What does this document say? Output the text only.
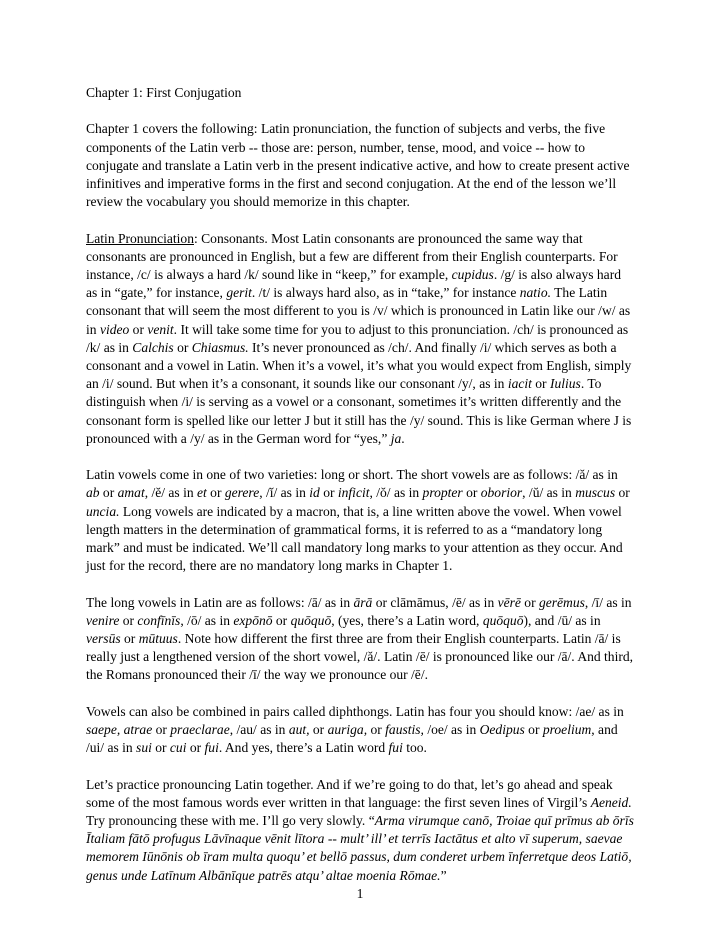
Chapter 1: First Conjugation

Chapter 1 covers the following: Latin pronunciation, the function of subjects and verbs, the five components of the Latin verb -- those are: person, number, tense, mood, and voice -- how to conjugate and translate a Latin verb in the present indicative active, and how to create present active infinitives and imperative forms in the first and second conjugation. At the end of the lesson we’ll review the vocabulary you should memorize in this chapter.

Latin Pronunciation: Consonants. Most Latin consonants are pronounced the same way that consonants are pronounced in English, but a few are different from their English counterparts. For instance, /c/ is always a hard /k/ sound like in “keep,” for example, cupidus. /g/ is also always hard as in “gate,” for instance, gerit. /t/ is always hard also, as in “take,” for instance natio. The Latin consonant that will seem the most different to you is /v/ which is pronounced in Latin like our /w/ as in video or venit. It will take some time for you to adjust to this pronunciation. /ch/ is pronounced as /k/ as in Calchis or Chiasmus. It’s never pronounced as /ch/. And finally /i/ which serves as both a consonant and a vowel in Latin. When it’s a vowel, it’s what you would expect from English, simply an /i/ sound. But when it’s a consonant, it sounds like our consonant /y/, as in iacit or Iulius. To distinguish when /i/ is serving as a vowel or a consonant, sometimes it’s written differently and the consonant form is spelled like our letter J but it still has the /y/ sound. This is like German where J is pronounced with a /y/ as in the German word for “yes,” ja.

Latin vowels come in one of two varieties: long or short. The short vowels are as follows: /ă/ as in ab or amat, /ĕ/ as in et or gerere, /ĭ/ as in id or inficit, /ŏ/ as in propter or oborior, /ŭ/ as in muscus or uncia. Long vowels are indicated by a macron, that is, a line written above the vowel. When vowel length matters in the determination of grammatical forms, it is referred to as a “mandatory long mark” and must be indicated. We’ll call mandatory long marks to your attention as they occur. And just for the record, there are no mandatory long marks in Chapter 1.

The long vowels in Latin are as follows: /ā/ as in ārā or clāmāmus, /ē/ as in vērē or gerēmus, /ī/ as in venire or confīnīs, /ō/ as in expōnō or quōquō, (yes, there’s a Latin word, quōquō), and /ū/ as in versūs or mūtuus. Note how different the first three are from their English counterparts. Latin /ā/ is really just a lengthened version of the short vowel, /ă/. Latin /ē/ is pronounced like our /ā/. And third, the Romans pronounced their /ī/ the way we pronounce our /ē/.

Vowels can also be combined in pairs called diphthongs. Latin has four you should know: /ae/ as in saepe, atrae or praeclarae, /au/ as in aut, or auriga, or faustis, /oe/ as in Oedipus or proelium, and /ui/ as in sui or cui or fui. And yes, there’s a Latin word fui too.

Let’s practice pronouncing Latin together. And if we’re going to do that, let’s go ahead and speak some of the most famous words ever written in that language: the first seven lines of Virgil’s Aeneid. Try pronouncing these with me. I’ll go very slowly. “Arma virumque canō, Troiae quī prīmus ab ōrīs Ītaliam fātō profugus Lāvīnaque vēnit lītora -- mult’ ill’ et terrīs Iactātus et alto vī superum, saevae memorem Iūnōnis ob īram multa quoqu’ et bellō passus, dum conderet urbem īnferretque deos Latiō, genus unde Latīnum Albānīque patrēs atqu’ altae moenia Rōmae.”

1
